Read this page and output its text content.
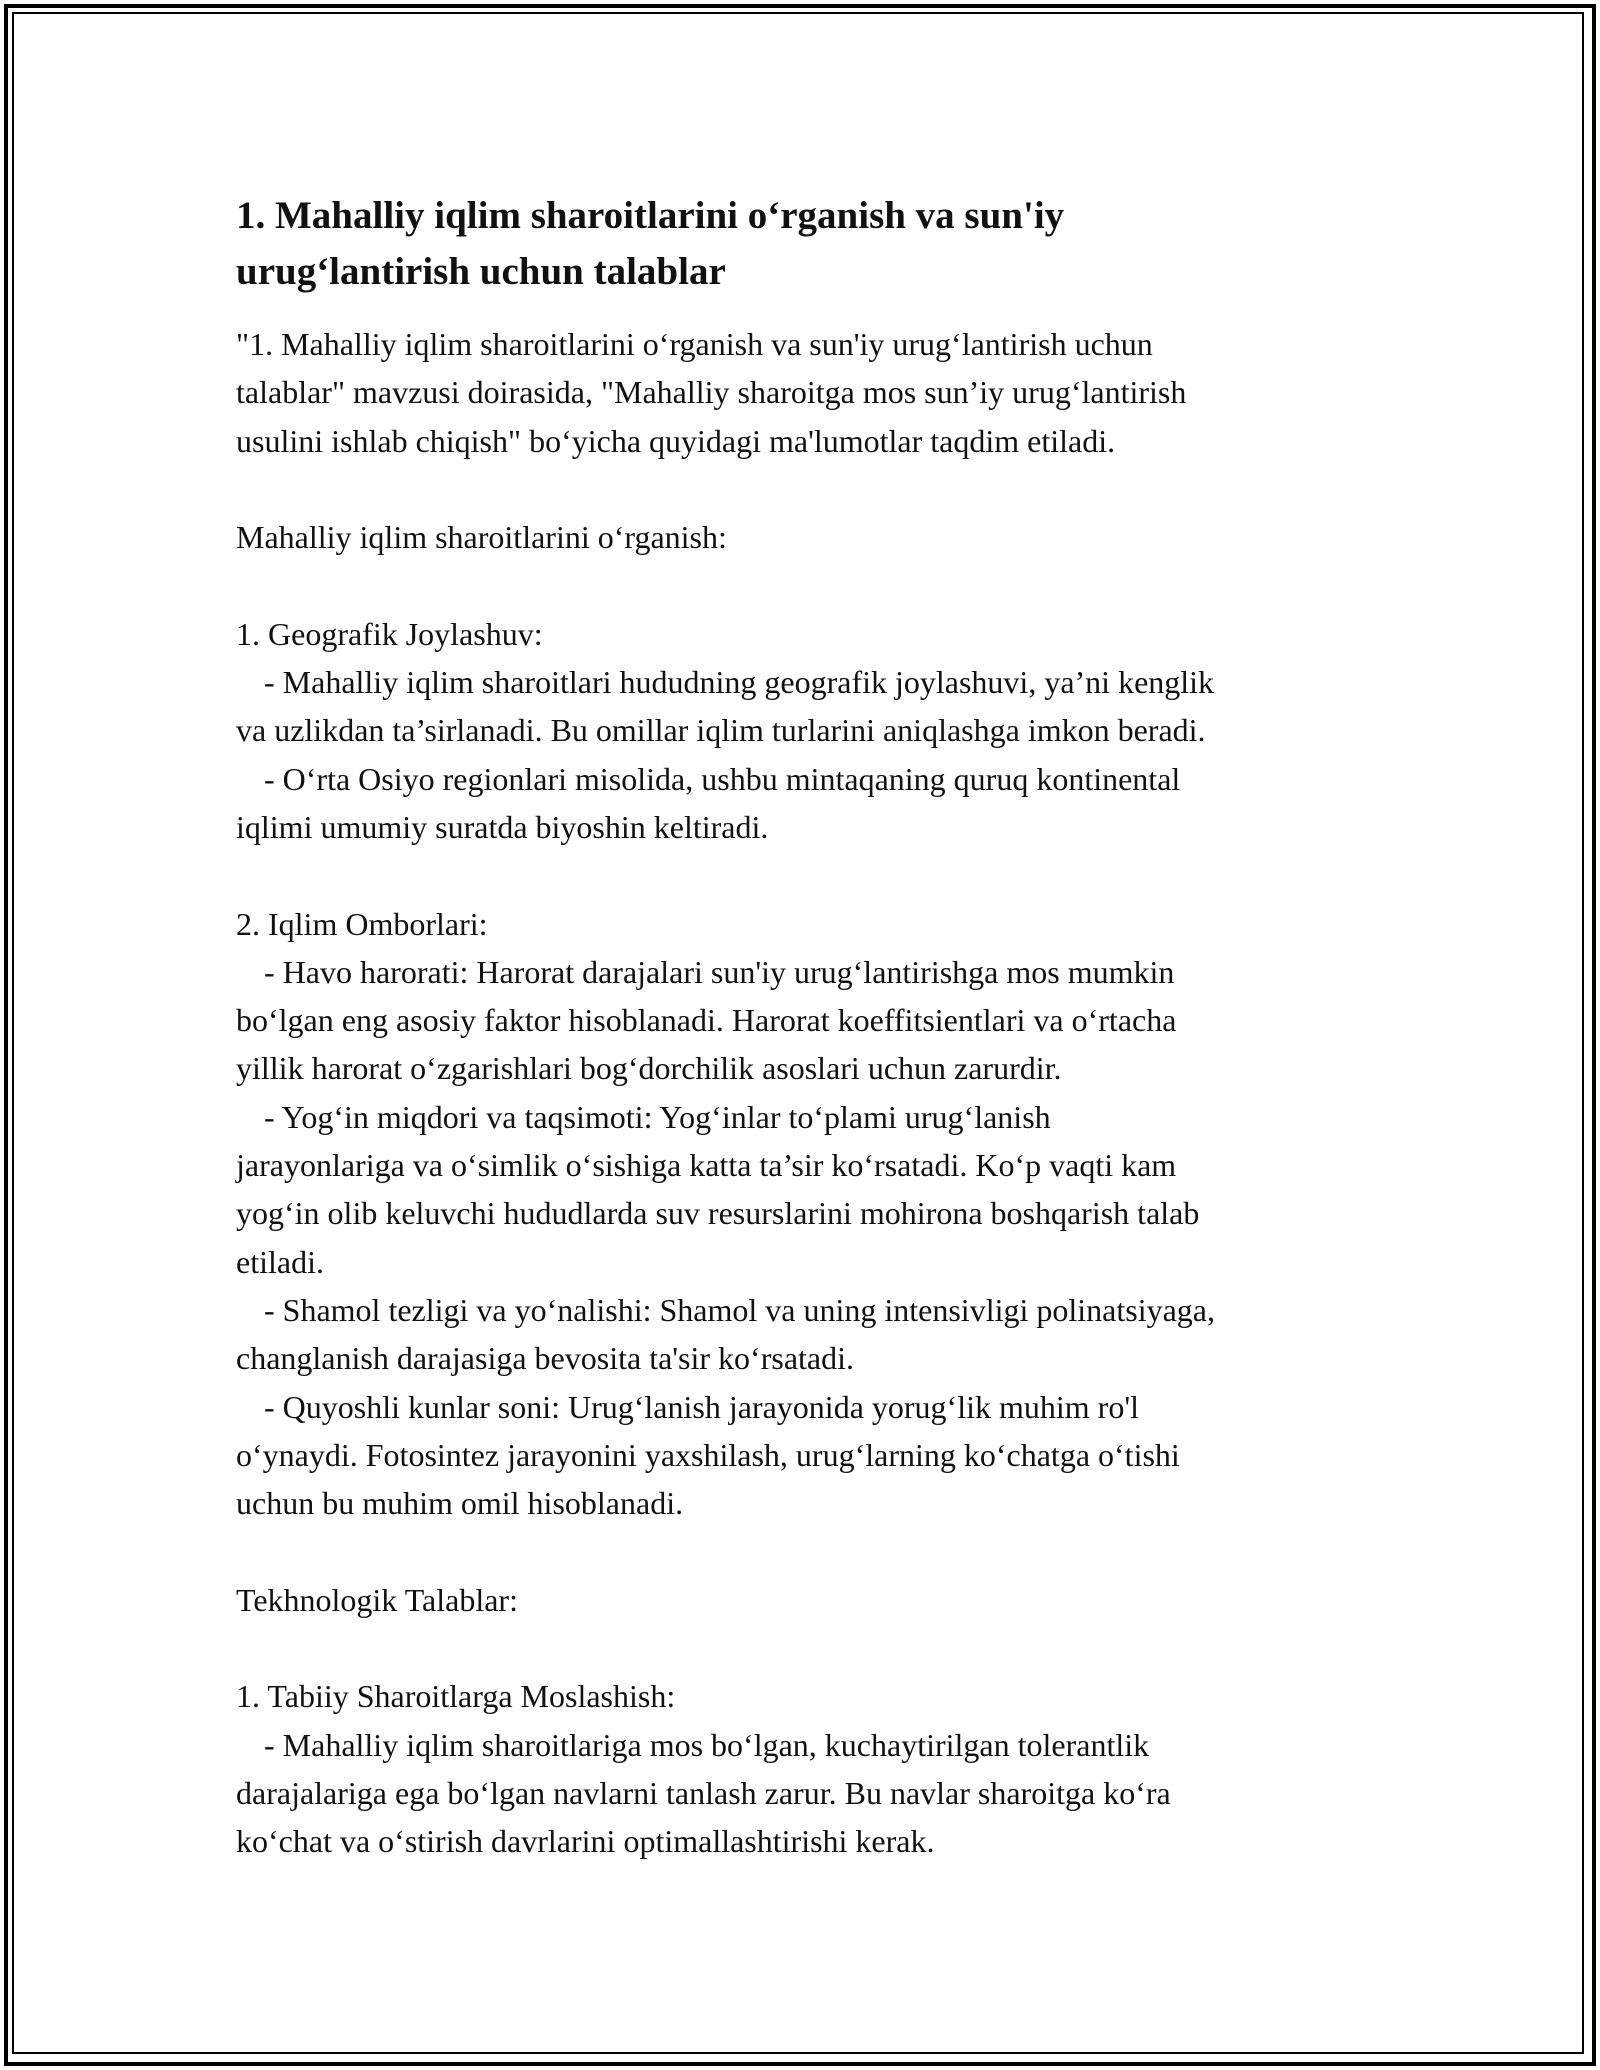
1. Mahalliy iqlim sharoitlarini o‘rganish va sun'iy
urug‘lantirish uchun talablar
"1. Mahalliy iqlim sharoitlarini o‘rganish va sun'iy urug‘lantirish uchun
talablar" mavzusi doirasida, "Mahalliy sharoitga mos sun’iy urug‘lantirish
usulini ishlab chiqish" bo‘yicha quyidagi ma'lumotlar taqdim etiladi.
Mahalliy iqlim sharoitlarini o‘rganish:
1. Geografik Joylashuv:
- Mahalliy iqlim sharoitlari hududning geografik joylashuvi, ya’ni kenglik
va uzlikdan ta’sirlanadi. Bu omillar iqlim turlarini aniqlashga imkon beradi.
- O‘rta Osiyo regionlari misolida, ushbu mintaqaning quruq kontinental
iqlimi umumiy suratda biyoshin keltiradi.
2. Iqlim Omborlari:
- Havo harorati: Harorat darajalari sun'iy urug‘lantirishga mos mumkin
bo‘lgan eng asosiy faktor hisoblanadi. Harorat koeffitsientlari va o‘rtacha
yillik harorat o‘zgarishlari bog‘dorchilik asoslari uchun zarurdir.
- Yog‘in miqdori va taqsimoti: Yog‘inlar to‘plami urug‘lanish
jarayonlariga va o‘simlik o‘sishiga katta ta’sir ko‘rsatadi. Ko‘p vaqti kam
yog‘in olib keluvchi hududlarda suv resurslarini mohirona boshqarish talab
etiladi.
- Shamol tezligi va yo‘nalishi: Shamol va uning intensivligi polinatsiyaga,
changlanish darajasiga bevosita ta'sir ko‘rsatadi.
- Quyoshli kunlar soni: Urug‘lanish jarayonida yorug‘lik muhim ro'l
o‘ynaydi. Fotosintez jarayonini yaxshilash, urug‘larning ko‘chatga o‘tishi
uchun bu muhim omil hisoblanadi.
Tekhnologik Talablar:
1. Tabiiy Sharoitlarga Moslashish:
- Mahalliy iqlim sharoitlariga mos bo‘lgan, kuchaytirilgan tolerantlik
darajalariga ega bo‘lgan navlarni tanlash zarur. Bu navlar sharoitga ko‘ra
ko‘chat va o‘stirish davrlarini optimallashtirishi kerak.
